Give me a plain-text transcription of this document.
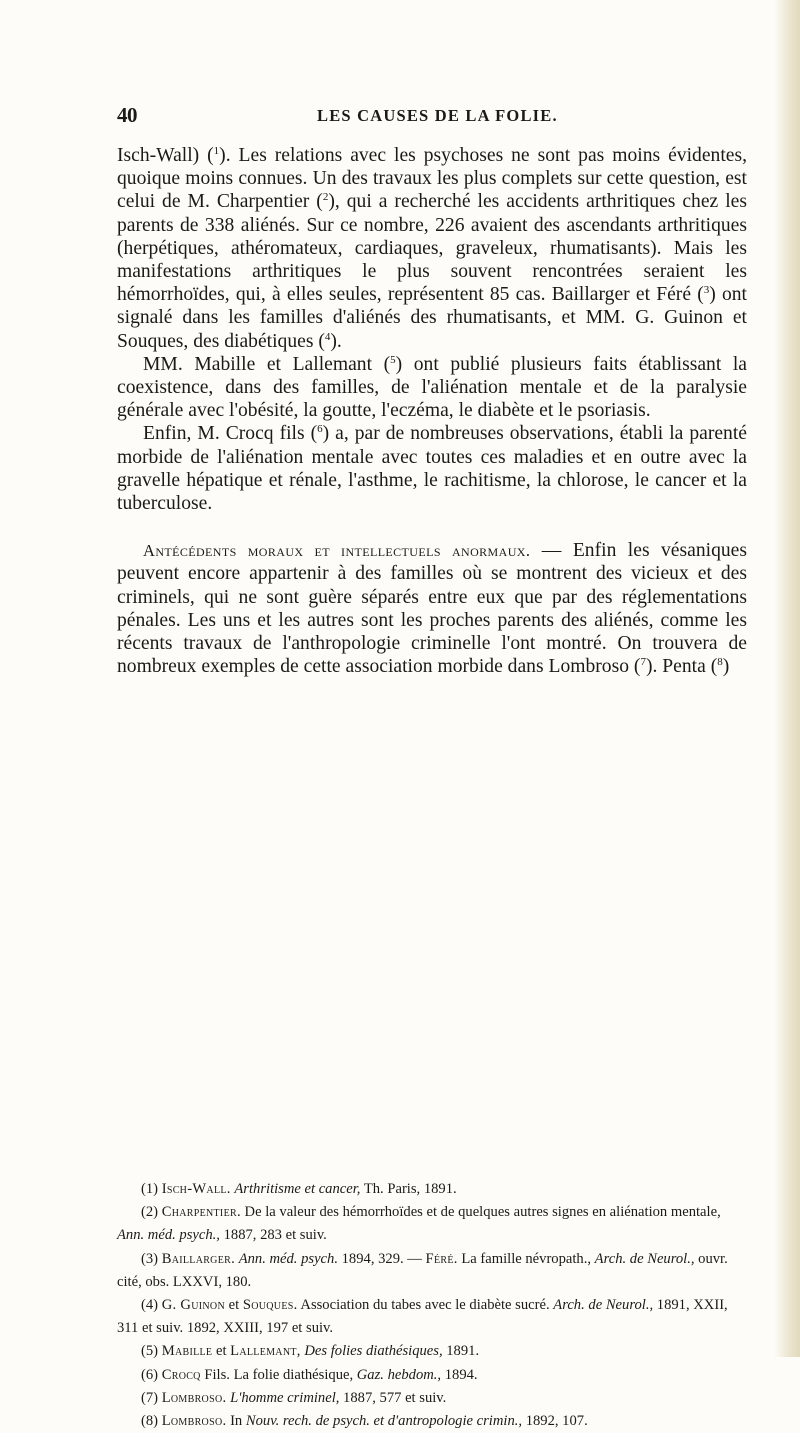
40	LES CAUSES DE LA FOLIE.

Isch-Wall) ($^1$). Les relations avec les psychoses ne sont pas moins évidentes, quoique moins connues. Un des travaux les plus complets sur cette question, est celui de M. Charpentier ($^2$), qui a recherché les accidents arthritiques chez les parents de 338 aliénés. Sur ce nombre, 226 avaient des ascendants arthritiques (herpétiques, athéromateux, cardiaques, graveleux, rhumatisants). Mais les manifestations arthritiques le plus souvent rencontrées seraient les hémorrhoïdes, qui, à elles seules, représentent 85 cas. Baillarger et Féré ($^3$) ont signalé dans les familles d'aliénés des rhumatisants, et MM. G. Guinon et Souques, des diabétiques ($^4$).

MM. Mabille et Lallemant ($^5$) ont publié plusieurs faits établissant la coexistence, dans des familles, de l'aliénation mentale et de la paralysie générale avec l'obésité, la goutte, l'eczéma, le diabète et le psoriasis.

Enfin, M. Crocq fils ($^6$) a, par de nombreuses observations, établi la parenté morbide de l'aliénation mentale avec toutes ces maladies et en outre avec la gravelle hépatique et rénale, l'asthme, le rachitisme, la chlorose, le cancer et la tuberculose.

Antécédents moraux et intellectuels anormaux. — Enfin les vésaniques peuvent encore appartenir à des familles où se montrent des vicieux et des criminels, qui ne sont guère séparés entre eux que par des réglementations pénales. Les uns et les autres sont les proches parents des aliénés, comme les récents travaux de l'anthropologie criminelle l'ont montré. On trouvera de nombreux exemples de cette association morbide dans Lombroso ($^7$). Penta ($^8$)

(1) Isch-Wall. Arthritisme et cancer, Th. Paris, 1891.

(2) Charpentier. De la valeur des hémorrhoïdes et de quelques autres signes en aliénation mentale, Ann. méd. psych., 1887, 283 et suiv.

(3) Baillarger. Ann. méd. psych. 1894, 329. — Féré. La famille névropath., Arch. de Neurol., ouvr. cité, obs. LXXVI, 180.

(4) G. Guinon et Souques. Association du tabes avec le diabète sucré. Arch. de Neurol., 1891, XXII, 311 et suiv. 1892, XXIII, 197 et suiv.

(5) Mabille et Lallemant, Des folies diathésiques, 1891.

(6) Crocq Fils. La folie diathésique, Gaz. hebdom., 1894.

(7) Lombroso. L'homme criminel, 1887, 577 et suiv.

(8) Lombroso. In Nouv. rech. de psych. et d'antropologie crimin., 1892, 107.
